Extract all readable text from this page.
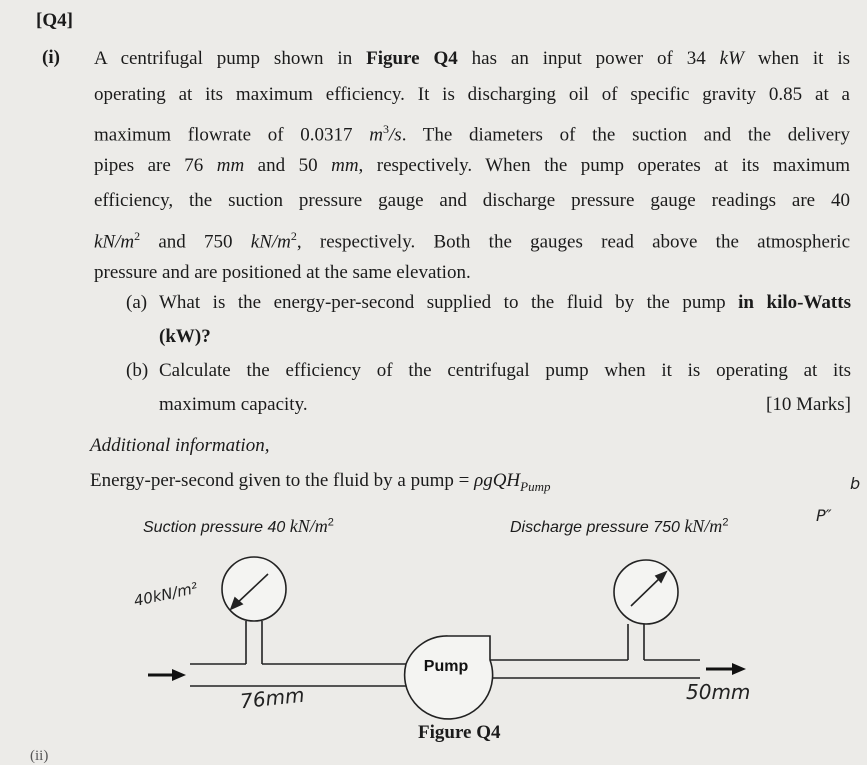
[Q4]
(i) A centrifugal pump shown in Figure Q4 has an input power of 34 kW when it is
operating at its maximum efficiency. It is discharging oil of specific gravity 0.85 at a
maximum flowrate of 0.0317 $m^3/s$. The diameters of the suction and the delivery
pipes are 76 mm and 50 mm, respectively. When the pump operates at its maximum
efficiency, the suction pressure gauge and discharge pressure gauge readings are 40
$kN/m^2$ and 750 $kN/m^2$, respectively. Both the gauges read above the atmospheric
pressure and are positioned at the same elevation.
(a) What is the energy-per-second supplied to the fluid by the pump in kilo-Watts
(kW)?
(b) Calculate the efficiency of the centrifugal pump when it is operating at its
maximum capacity.	[10 Marks]
Additional information,
Energy-per-second given to the fluid by a pump = ρgQH$_{Pump}$
Suction pressure 40 $kN/m^2$	Discharge pressure 750 $kN/m^2$
Pump
40kN/m²
76mm	50mm
P″
b
Figure Q4
(ii)
